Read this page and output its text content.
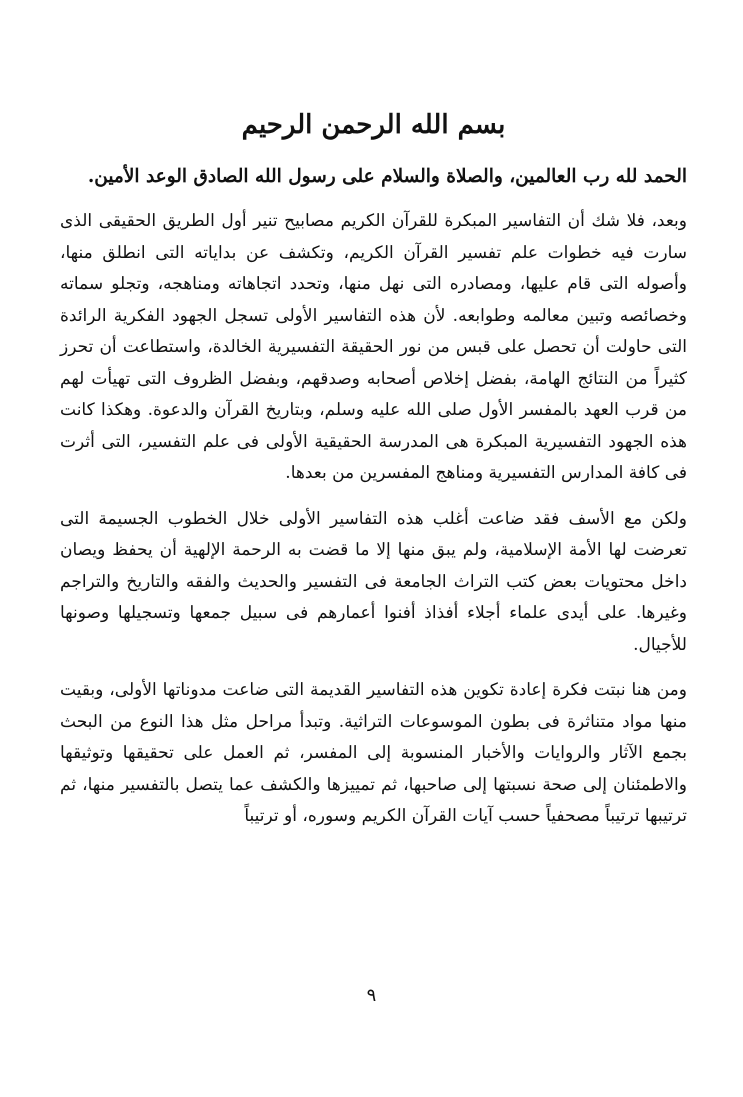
بسم الله الرحمن الرحيم
الحمد لله رب العالمين، والصلاة والسلام على رسول الله الصادق الوعد الأمين.

وبعد، فلا شك أن التفاسير المبكرة للقرآن الكريم مصابيح تنير أول الطريق الحقيقى الذى سارت فيه خطوات علم تفسير القرآن الكريم، وتكشف عن بداياته التى انطلق منها، وأصوله التى قام عليها، ومصادره التى نهل منها، وتحدد اتجاهاته ومناهجه، وتجلو سماته وخصائصه وتبين معالمه وطوابعه. لأن هذه التفاسير الأولى تسجل الجهود الفكرية الرائدة التى حاولت أن تحصل على قبس من نور الحقيقة التفسيرية الخالدة، واستطاعت أن تحرز كثيراً من النتائج الهامة، بفضل إخلاص أصحابه وصدقهم، وبفضل الظروف التى تهيأت لهم من قرب العهد بالمفسر الأول صلى الله عليه وسلم، وبتاريخ القرآن والدعوة. وهكذا كانت هذه الجهود التفسيرية المبكرة هى المدرسة الحقيقية الأولى فى علم التفسير، التى أثرت فى كافة المدارس التفسيرية ومناهج المفسرين من بعدها.

ولكن مع الأسف فقد ضاعت أغلب هذه التفاسير الأولى خلال الخطوب الجسيمة التى تعرضت لها الأمة الإسلامية، ولم يبق منها إلا ما قضت به الرحمة الإلهية أن يحفظ ويصان داخل محتويات بعض كتب التراث الجامعة فى التفسير والحديث والفقه والتاريخ والتراجم وغيرها. على أيدى علماء أجلاء أفذاذ أفنوا أعمارهم فى سبيل جمعها وتسجيلها وصونها للأجيال.

ومن هنا نبتت فكرة إعادة تكوين هذه التفاسير القديمة التى ضاعت مدوناتها الأولى، وبقيت منها مواد متناثرة فى بطون الموسوعات التراثية. وتبدأ مراحل مثل هذا النوع من البحث بجمع الآثار والروايات والأخبار المنسوبة إلى المفسر، ثم العمل على تحقيقها وتوثيقها والاطمئنان إلى صحة نسبتها إلى صاحبها، ثم تمييزها والكشف عما يتصل بالتفسير منها، ثم ترتيبها ترتيباً مصحفياً حسب آيات القرآن الكريم وسوره، أو ترتيباً

٩
